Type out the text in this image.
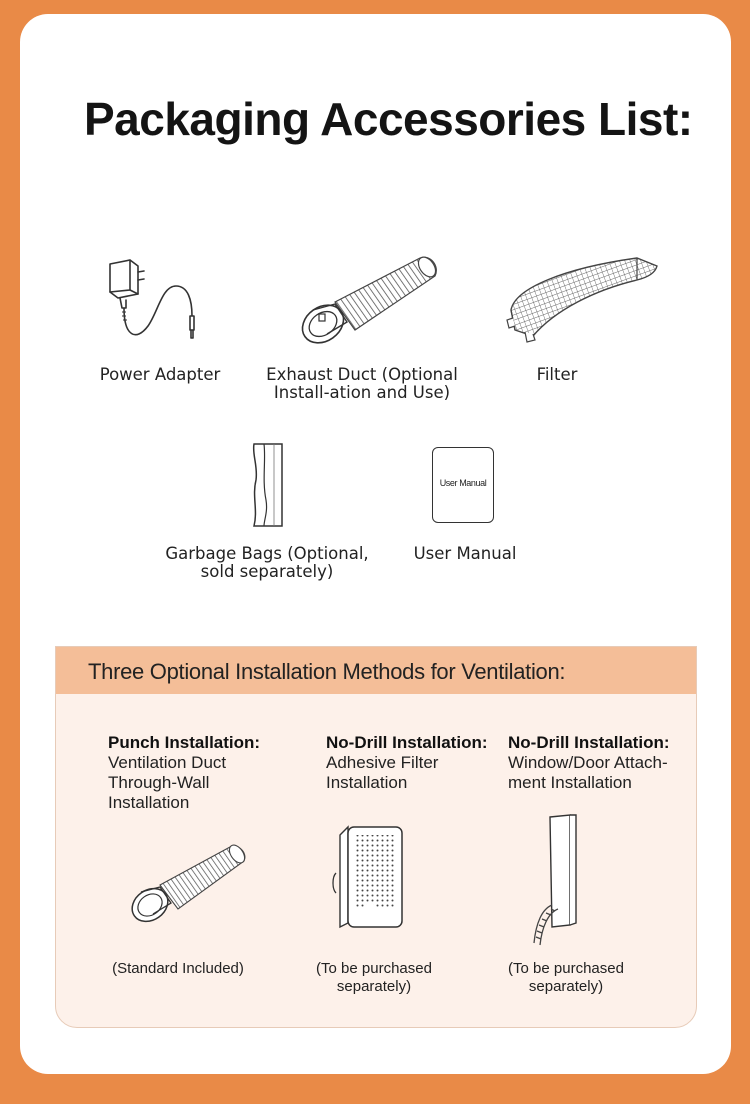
Packaging Accessories List:
Power Adapter	Exhaust Duct (Optional
Install-ation and Use)
Filter
Garbage Bags (Optional,
sold separately)
User Manual
User Manual
Three Optional Installation Methods for Ventilation:
Punch Installation:
Ventilation Duct
Through-Wall
Installation
(Standard Included)
No-Drill Installation:
Adhesive Filter
Installation
(To be purchased
separately)
No-Drill Installation:
Window/Door Attach-
ment Installation
(To be purchased
separately)
